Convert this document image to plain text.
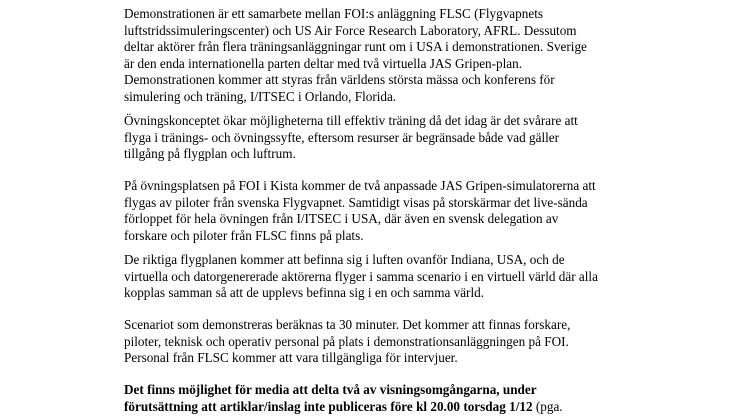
Demonstrationen är ett samarbete mellan FOI:s anläggning FLSC (Flygvapnets
luftstridssimuleringscenter) och US Air Force Research Laboratory, AFRL. Dessutom
deltar aktörer från flera träningsanläggningar runt om i USA i demonstrationen. Sverige
är den enda internationella parten deltar med två virtuella JAS Gripen-plan.
Demonstrationen kommer att styras från världens största mässa och konferens för
simulering och träning, I/ITSEC i Orlando, Florida.
Övningskonceptet ökar möjligheterna till effektiv träning då det idag är det svårare att
flyga i tränings- och övningssyfte, eftersom resurser är begränsade både vad gäller
tillgång på flygplan och luftrum.
På övningsplatsen på FOI i Kista kommer de två anpassade JAS Gripen-simulatorerna att
flygas av piloter från svenska Flygvapnet. Samtidigt visas på storskärmar det live-sända
förloppet för hela övningen från I/ITSEC i USA, där även en svensk delegation av
forskare och piloter från FLSC finns på plats.
De riktiga flygplanen kommer att befinna sig i luften ovanför Indiana, USA, och de
virtuella och datorgenererade aktörerna flyger i samma scenario i en virtuell värld där alla
kopplas samman så att de upplevs befinna sig i en och samma värld.
Scenariot som demonstreras beräknas ta 30 minuter. Det kommer att finnas forskare,
piloter, teknisk och operativ personal på plats i demonstrationsanläggningen på FOI.
Personal från FLSC kommer att vara tillgängliga för intervjuer.
Det finns möjlighet för media att delta två av visningsomgångarna, under
förutsättning att artiklar/inslag inte publiceras före kl 20.00 torsdag 1/12 (pga.
